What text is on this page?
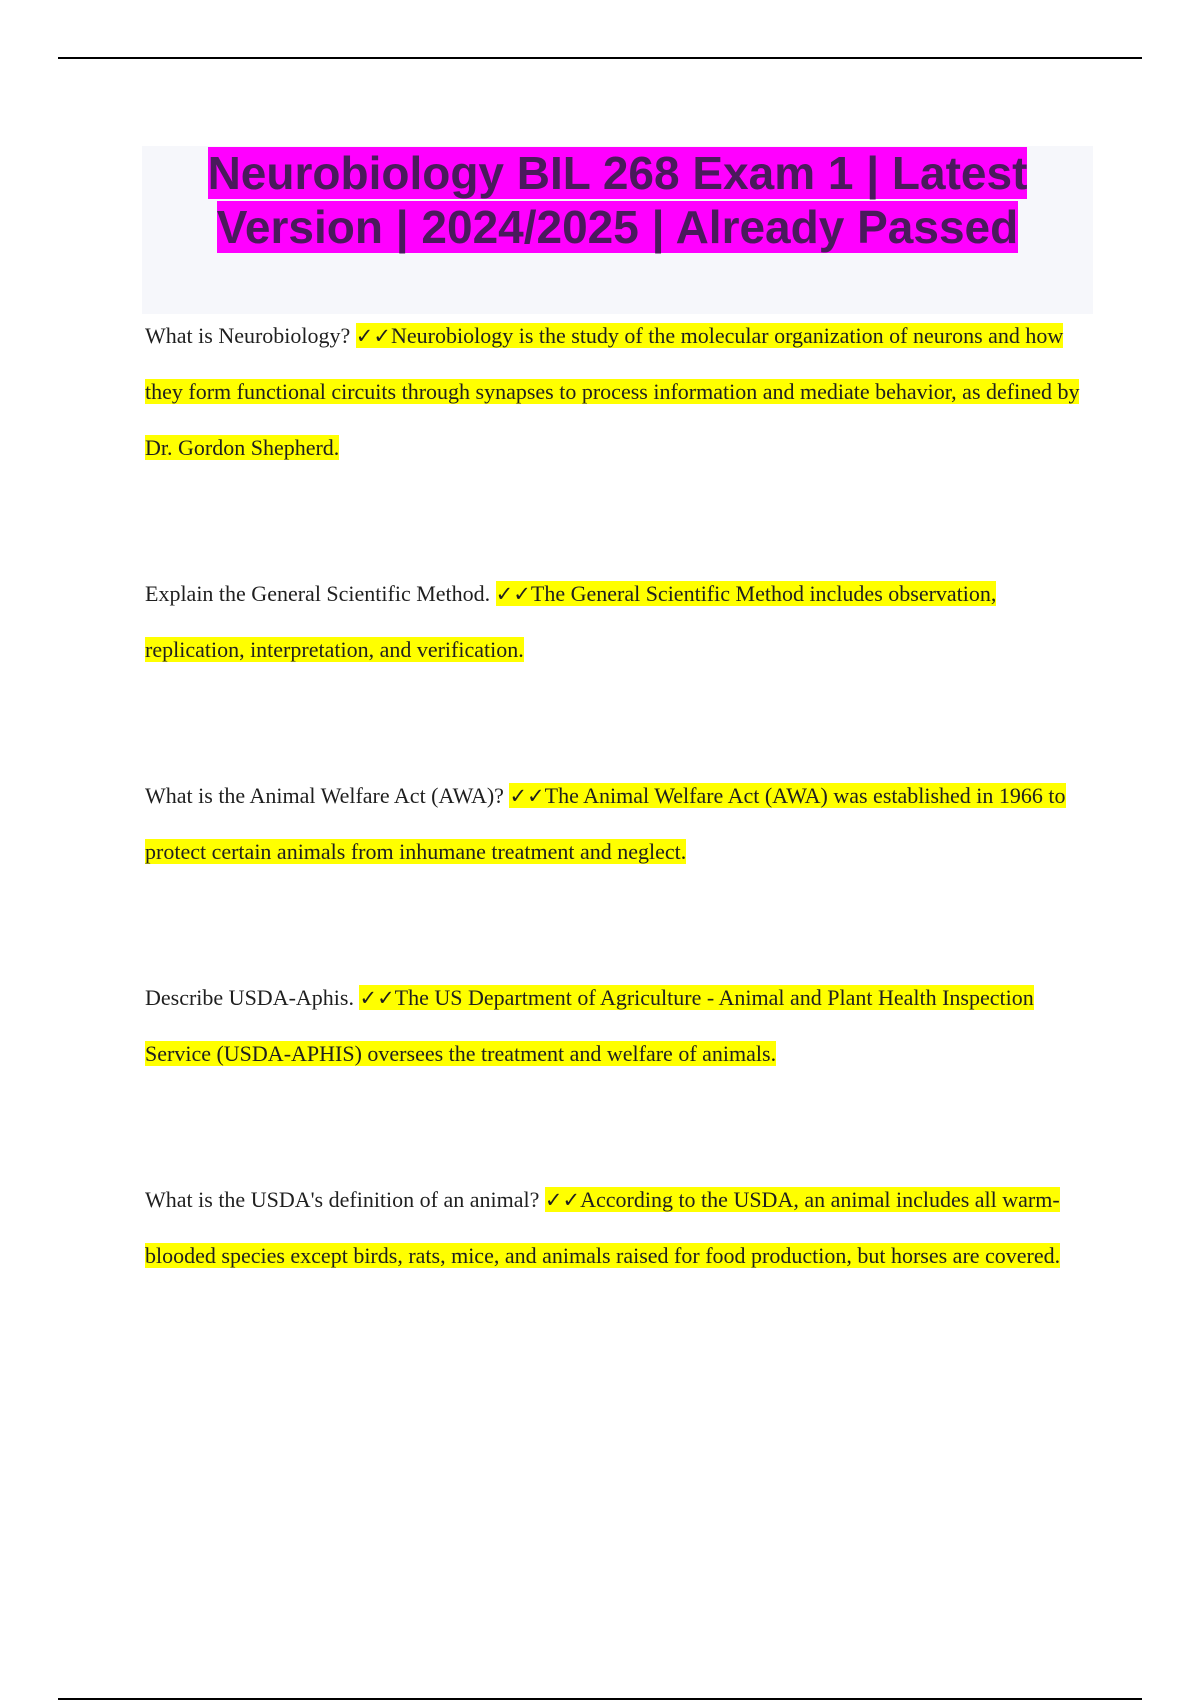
Neurobiology BIL 268 Exam 1 | Latest Version | 2024/2025 | Already Passed

What is Neurobiology? ✓✓Neurobiology is the study of the molecular organization of neurons and how they form functional circuits through synapses to process information and mediate behavior, as defined by Dr. Gordon Shepherd.

Explain the General Scientific Method. ✓✓The General Scientific Method includes observation, replication, interpretation, and verification.

What is the Animal Welfare Act (AWA)? ✓✓The Animal Welfare Act (AWA) was established in 1966 to protect certain animals from inhumane treatment and neglect.

Describe USDA-Aphis. ✓✓The US Department of Agriculture - Animal and Plant Health Inspection Service (USDA-APHIS) oversees the treatment and welfare of animals.

What is the USDA's definition of an animal? ✓✓According to the USDA, an animal includes all warm-blooded species except birds, rats, mice, and animals raised for food production, but horses are covered.
